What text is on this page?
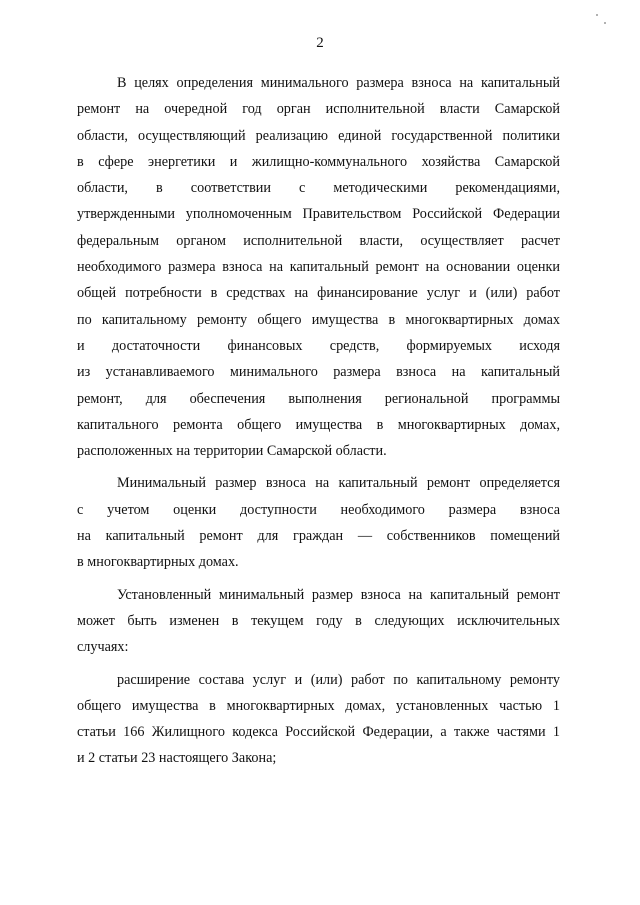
2
В целях определения минимального размера взноса на капитальный
ремонт на очередной год орган исполнительной власти Самарской
области, осуществляющий реализацию единой государственной политики
в сфере энергетики и жилищно-коммунального хозяйства Самарской
области, в соответствии с методическими рекомендациями,
утвержденными уполномоченным Правительством Российской Федерации
федеральным органом исполнительной власти, осуществляет расчет
необходимого размера взноса на капитальный ремонт на основании оценки
общей потребности в средствах на финансирование услуг и (или) работ
по капитальному ремонту общего имущества в многоквартирных домах
и достаточности финансовых средств, формируемых исходя
из устанавливаемого минимального размера взноса на капитальный
ремонт, для обеспечения выполнения региональной программы
капитального ремонта общего имущества в многоквартирных домах,
расположенных на территории Самарской области.
Минимальный размер взноса на капитальный ремонт определяется
с учетом оценки доступности необходимого размера взноса
на капитальный ремонт для граждан — собственников помещений
в многоквартирных домах.
Установленный минимальный размер взноса на капитальный ремонт
может быть изменен в текущем году в следующих исключительных
случаях:
расширение состава услуг и (или) работ по капитальному ремонту
общего имущества в многоквартирных домах, установленных частью 1
статьи 166 Жилищного кодекса Российской Федерации, а также частями 1
и 2 статьи 23 настоящего Закона;
